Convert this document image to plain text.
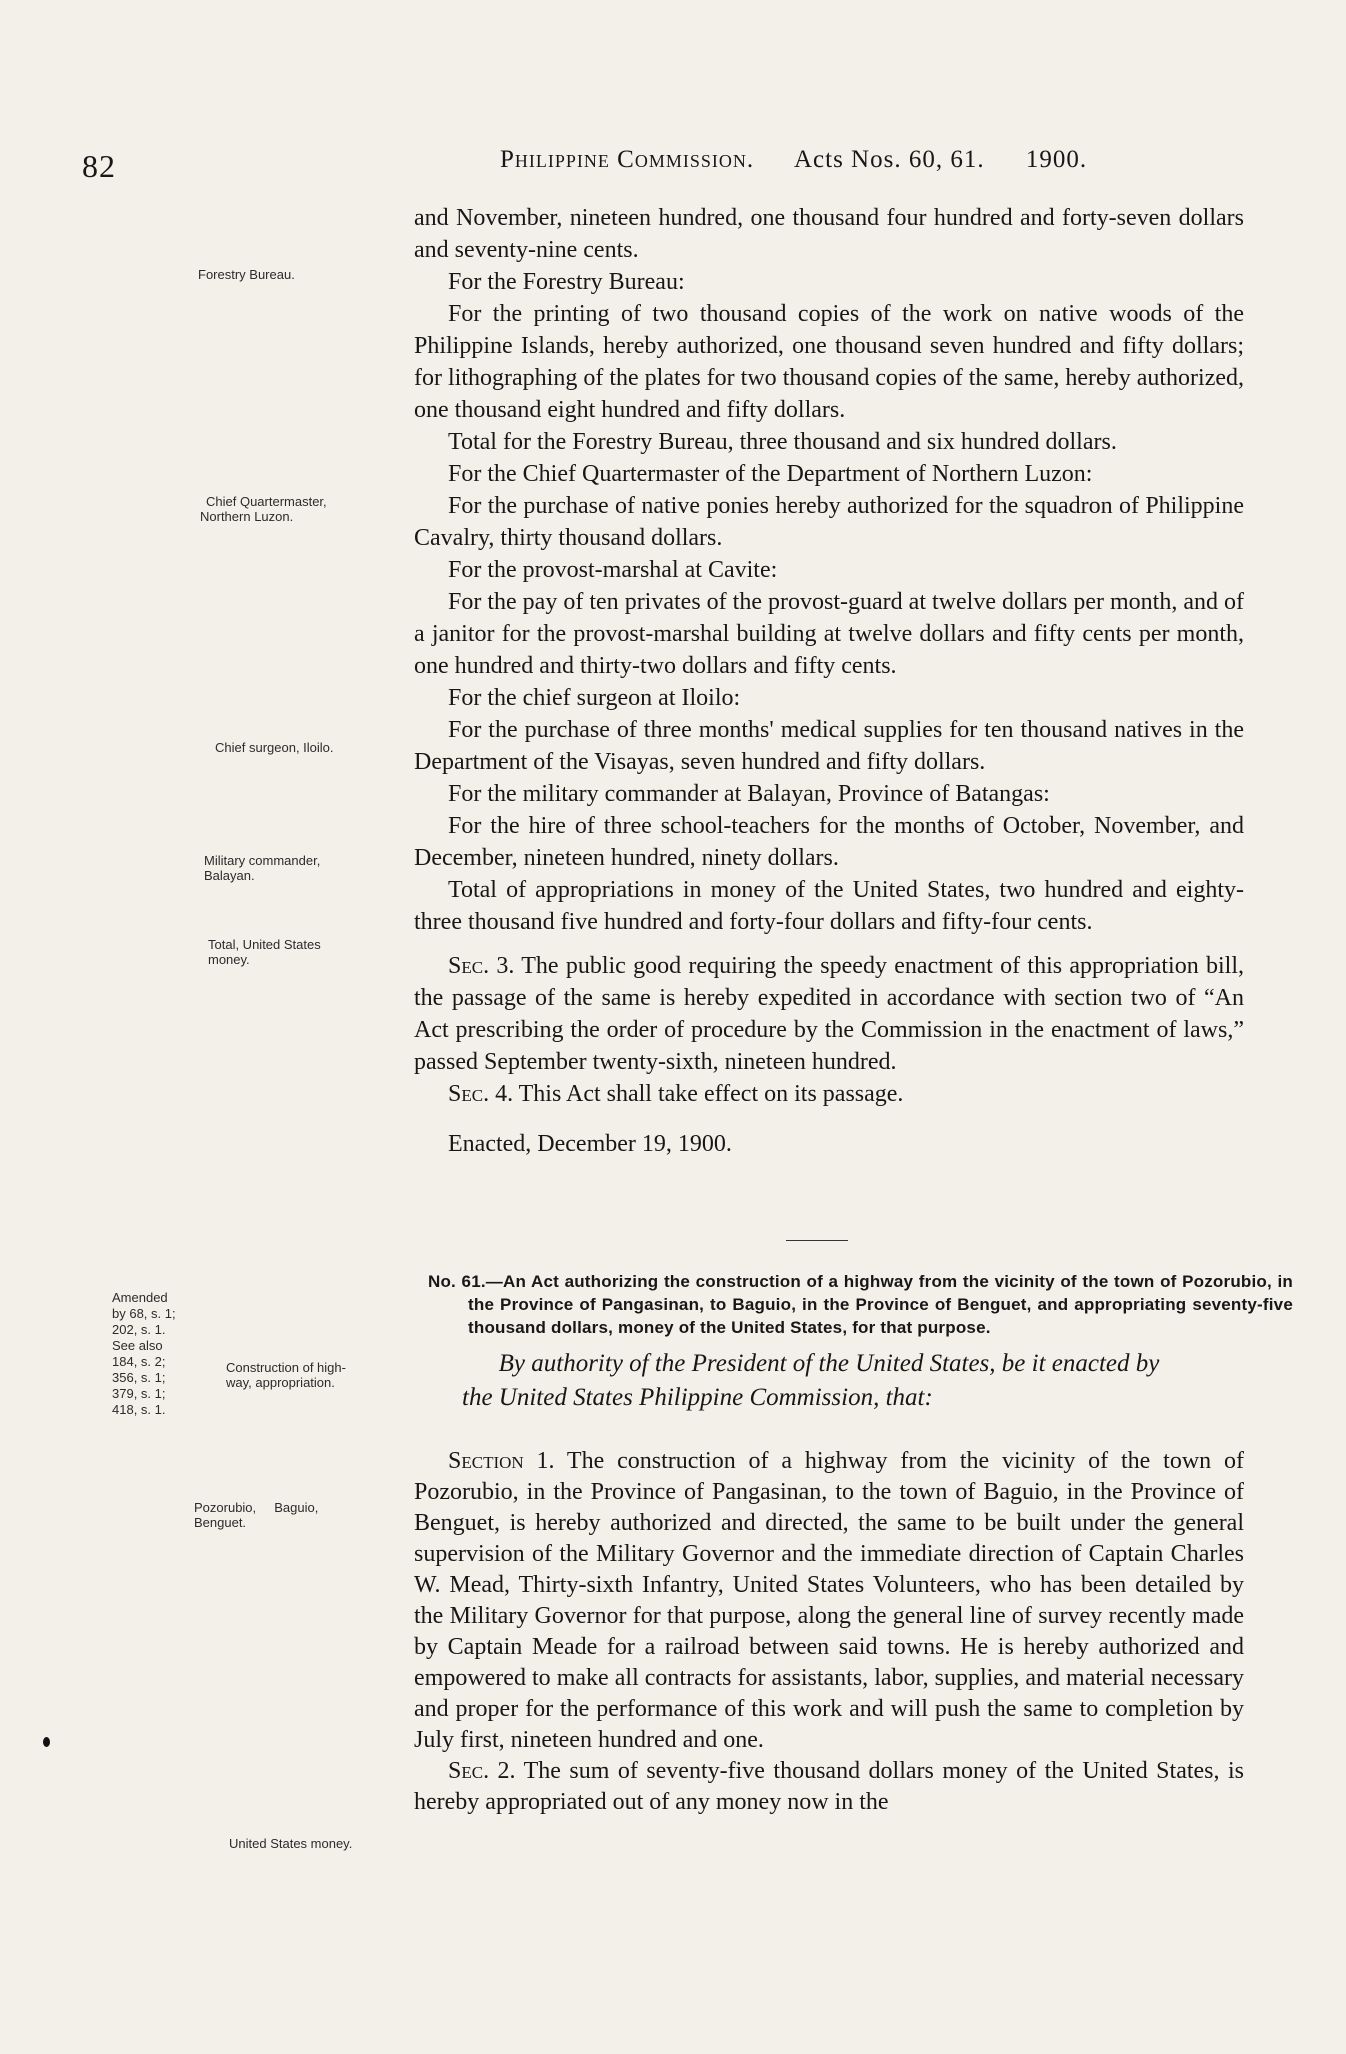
82	Philippine Commission. Acts Nos. 60, 61. 1900.
Forestry Bureau.
Chief Quartermaster,
Northern Luzon.
Chief surgeon, Iloilo.
Military commander,
Balayan.
Total, United States
money.

and November, nineteen hundred, one thousand four hundred and forty-seven dollars and seventy-nine cents.

For the Forestry Bureau:

For the printing of two thousand copies of the work on native woods of the Philippine Islands, hereby authorized, one thousand seven hundred and fifty dollars; for lithographing of the plates for two thousand copies of the same, hereby authorized, one thousand eight hundred and fifty dollars.

Total for the Forestry Bureau, three thousand and six hundred dollars.

For the Chief Quartermaster of the Department of Northern Luzon:

For the purchase of native ponies hereby authorized for the squadron of Philippine Cavalry, thirty thousand dollars.

For the provost-marshal at Cavite:

For the pay of ten privates of the provost-guard at twelve dollars per month, and of a janitor for the provost-marshal building at twelve dollars and fifty cents per month, one hundred and thirty-two dollars and fifty cents.

For the chief surgeon at Iloilo:

For the purchase of three months' medical supplies for ten thousand natives in the Department of the Visayas, seven hundred and fifty dollars.

For the military commander at Balayan, Province of Batangas:

For the hire of three school-teachers for the months of October, November, and December, nineteen hundred, ninety dollars.

Total of appropriations in money of the United States, two hundred and eighty-three thousand five hundred and forty-four dollars and fifty-four cents.

Sec. 3. The public good requiring the speedy enactment of this appropriation bill, the passage of the same is hereby expedited in accordance with section two of “An Act prescribing the order of procedure by the Commission in the enactment of laws,” passed September twenty-sixth, nineteen hundred.

Sec. 4. This Act shall take effect on its passage.

Enacted, December 19, 1900.

Amended
by 68, s. 1;
202, s. 1.
See also
184, s. 2;
356, s. 1;
379, s. 1;
418, s. 1.
No. 61.—An Act authorizing the construction of a highway from the vicinity of the town of Pozorubio, in the Province of Pangasinan, to Baguio, in the Province of Benguet, and appropriating seventy-five thousand dollars, money of the United States, for that purpose.
Construction of high-
way, appropriation.
By authority of the President of the United States, be it enacted by
the United States Philippine Commission, that:
Pozorubio,     Baguio,
Benguet.

Section 1. The construction of a highway from the vicinity of the town of Pozorubio, in the Province of Pangasinan, to the town of Baguio, in the Province of Benguet, is hereby authorized and directed, the same to be built under the general supervision of the Military Governor and the immediate direction of Captain Charles W. Mead, Thirty-sixth Infantry, United States Volunteers, who has been detailed by the Military Governor for that purpose, along the general line of survey recently made by Captain Meade for a railroad between said towns. He is hereby authorized and empowered to make all contracts for assistants, labor, supplies, and material necessary and proper for the performance of this work and will push the same to completion by July first, nineteen hundred and one.

Sec. 2. The sum of seventy-five thousand dollars money of the United States, is hereby appropriated out of any money now in the

United States money.
